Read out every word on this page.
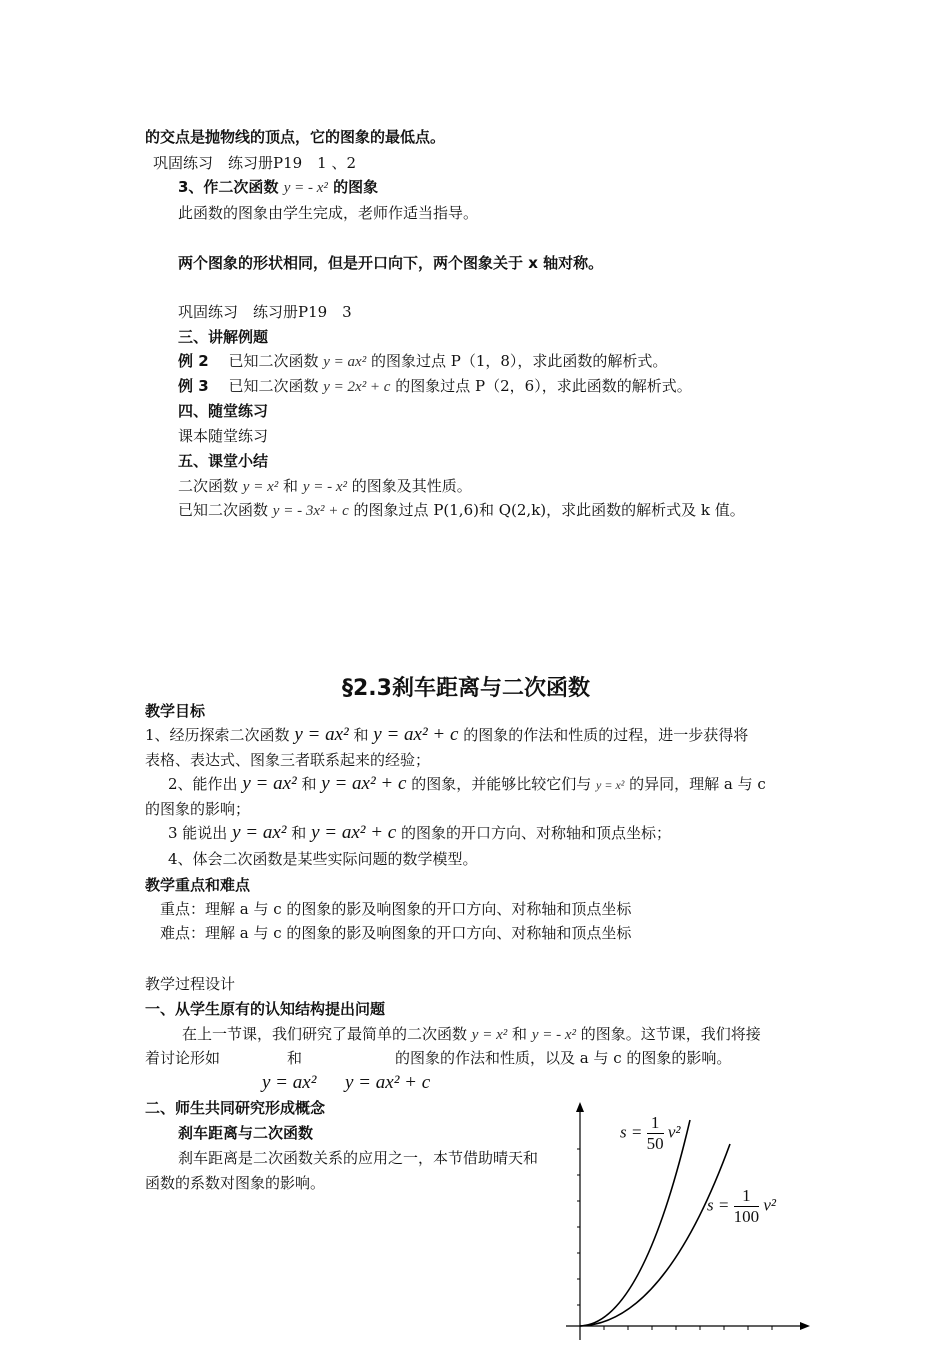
的交点是抛物线的顶点，它的图象的最低点。
巩固练习　练习册P19　1 、2
3、作二次函数 y = - x² 的图象
此函数的图象由学生完成，老师作适当指导。
两个图象的形状相同，但是开口向下，两个图象关于 x 轴对称。
巩固练习　练习册P19　3
三、讲解例题
例 2　 已知二次函数 y = ax² 的图象过点 P（1，8），求此函数的解析式。
例 3　 已知二次函数 y = 2x² + c 的图象过点 P（2，6），求此函数的解析式。
四、随堂练习
课本随堂练习
五、课堂小结
二次函数 y = x² 和 y = - x² 的图象及其性质。
已知二次函数 y = - 3x² + c 的图象过点 P(1,6)和 Q(2,k)，求此函数的解析式及 k 值。
§2.3刹车距离与二次函数
教学目标
1、经历探索二次函数 y = ax² 和 y = ax² + c 的图象的作法和性质的过程，进一步获得将
表格、表达式、图象三者联系起来的经验；
2、能作出 y = ax² 和 y = ax² + c 的图象，并能够比较它们与 y = x² 的异同，理解 a 与 c
的图象的影响；
3 能说出 y = ax² 和 y = ax² + c 的图象的开口方向、对称轴和顶点坐标；
4、体会二次函数是某些实际问题的数学模型。
教学重点和难点
重点：理解 a 与 c 的图象的影及响图象的开口方向、对称轴和顶点坐标
难点：理解 a 与 c 的图象的影及响图象的开口方向、对称轴和顶点坐标
教学过程设计
一、从学生原有的认知结构提出问题
在上一节课，我们研究了最简单的二次函数 y = x² 和 y = - x² 的图象。这节课，我们将接
着讨论形如	和	的图象的作法和性质，以及 a 与 c 的图象的影响。
y = ax² y = ax² + c
二、师生共同研究形成概念
刹车距离与二次函数
刹车距离是二次函数关系的应用之一，本节借助晴天和
函数的系数对图象的影响。
$s = \frac{1}{50} v^2$
$s = \frac{1}{100} v^2$
